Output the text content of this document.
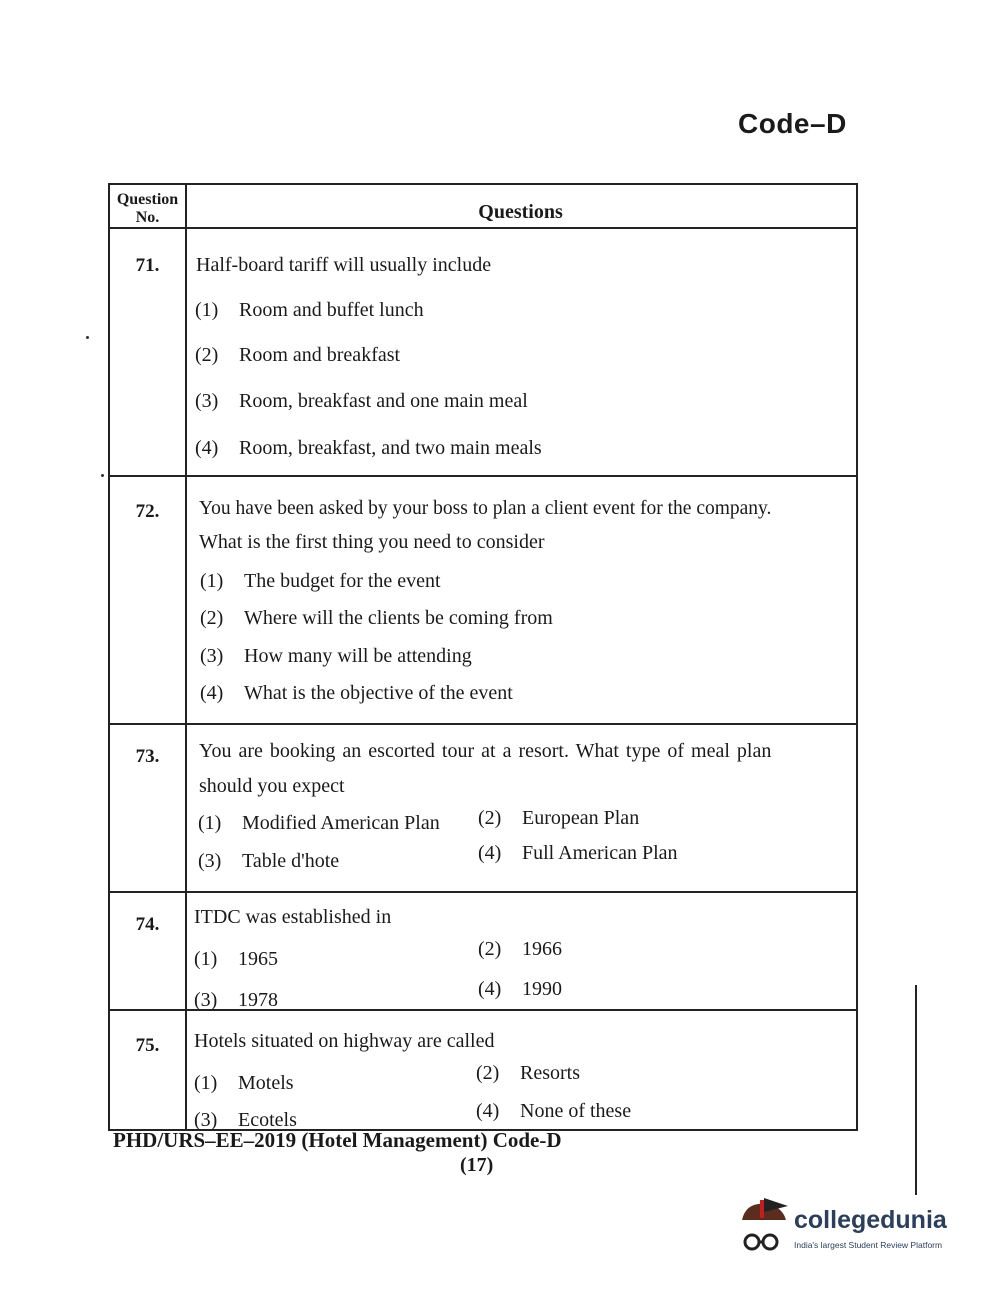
Code–D
Question
No.	Questions
71.	Half-board tariff will usually include
(1) Room and buffet lunch
(2) Room and breakfast
(3) Room, breakfast and one main meal
(4) Room, breakfast, and two main meals
72.	You have been asked by your boss to plan a client event for the company.
What is the first thing you need to consider
(1) The budget for the event
(2) Where will the clients be coming from
(3) How many will be attending
(4) What is the objective of the event
73.	You are booking an escorted tour at a resort. What type of meal plan
should you expect
(1) Modified American Plan (2) European Plan
(3) Table d'hote	(4) Full American Plan
74.	ITDC was established in
(1) 1965	(2) 1966
(3) 1978	(4) 1990
75.	Hotels situated on highway are called
(1) Motels	(2) Resorts
(3) Ecotels	(4) None of these
PHD/URS–EE–2019 (Hotel Management) Code-D
(17)
collegedunia
India's largest Student Review Platform
